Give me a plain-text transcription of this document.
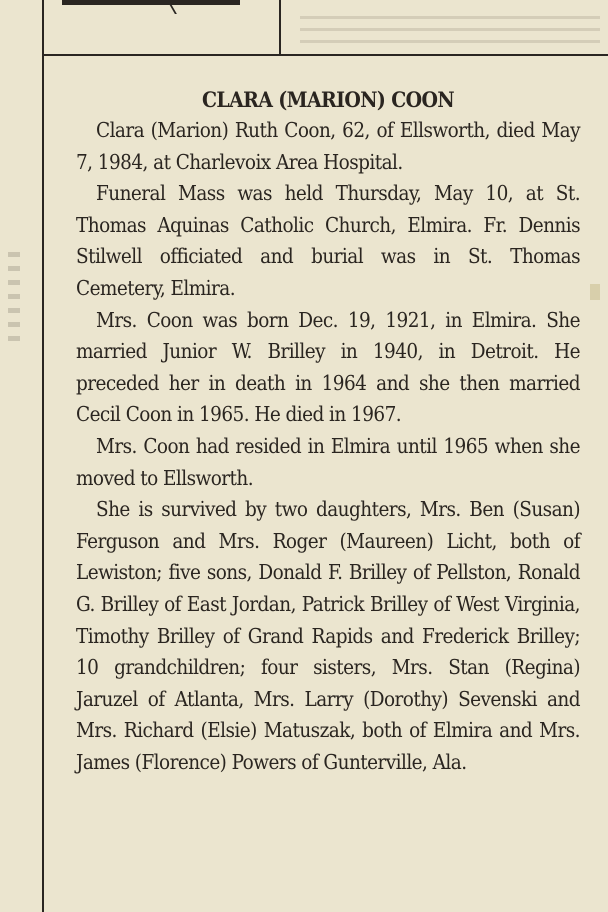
CLARA (MARION) COON

Clara (Marion) Ruth Coon, 62, of Ellsworth, died May 7, 1984, at Charlevoix Area Hospital.

Funeral Mass was held Thursday, May 10, at St. Thomas Aquinas Catholic Church, Elmira. Fr. Dennis Stilwell officiated and burial was in St. Thomas Cemetery, Elmira.

Mrs. Coon was born Dec. 19, 1921, in Elmira. She married Junior W. Brilley in 1940, in Detroit. He preceded her in death in 1964 and she then married Cecil Coon in 1965. He died in 1967.

Mrs. Coon had resided in Elmira until 1965 when she moved to Ellsworth.

She is survived by two daughters, Mrs. Ben (Susan) Ferguson and Mrs. Roger (Maureen) Licht, both of Lewiston; five sons, Donald F. Brilley of Pellston, Ronald G. Brilley of East Jordan, Patrick Brilley of West Virginia, Timothy Brilley of Grand Rapids and Frederick Brilley; 10 grandchildren; four sisters, Mrs. Stan (Regina) Jaruzel of Atlanta, Mrs. Larry (Dorothy) Sevenski and Mrs. Richard (Elsie) Matuszak, both of Elmira and Mrs. James (Florence) Powers of Gunterville, Ala.
